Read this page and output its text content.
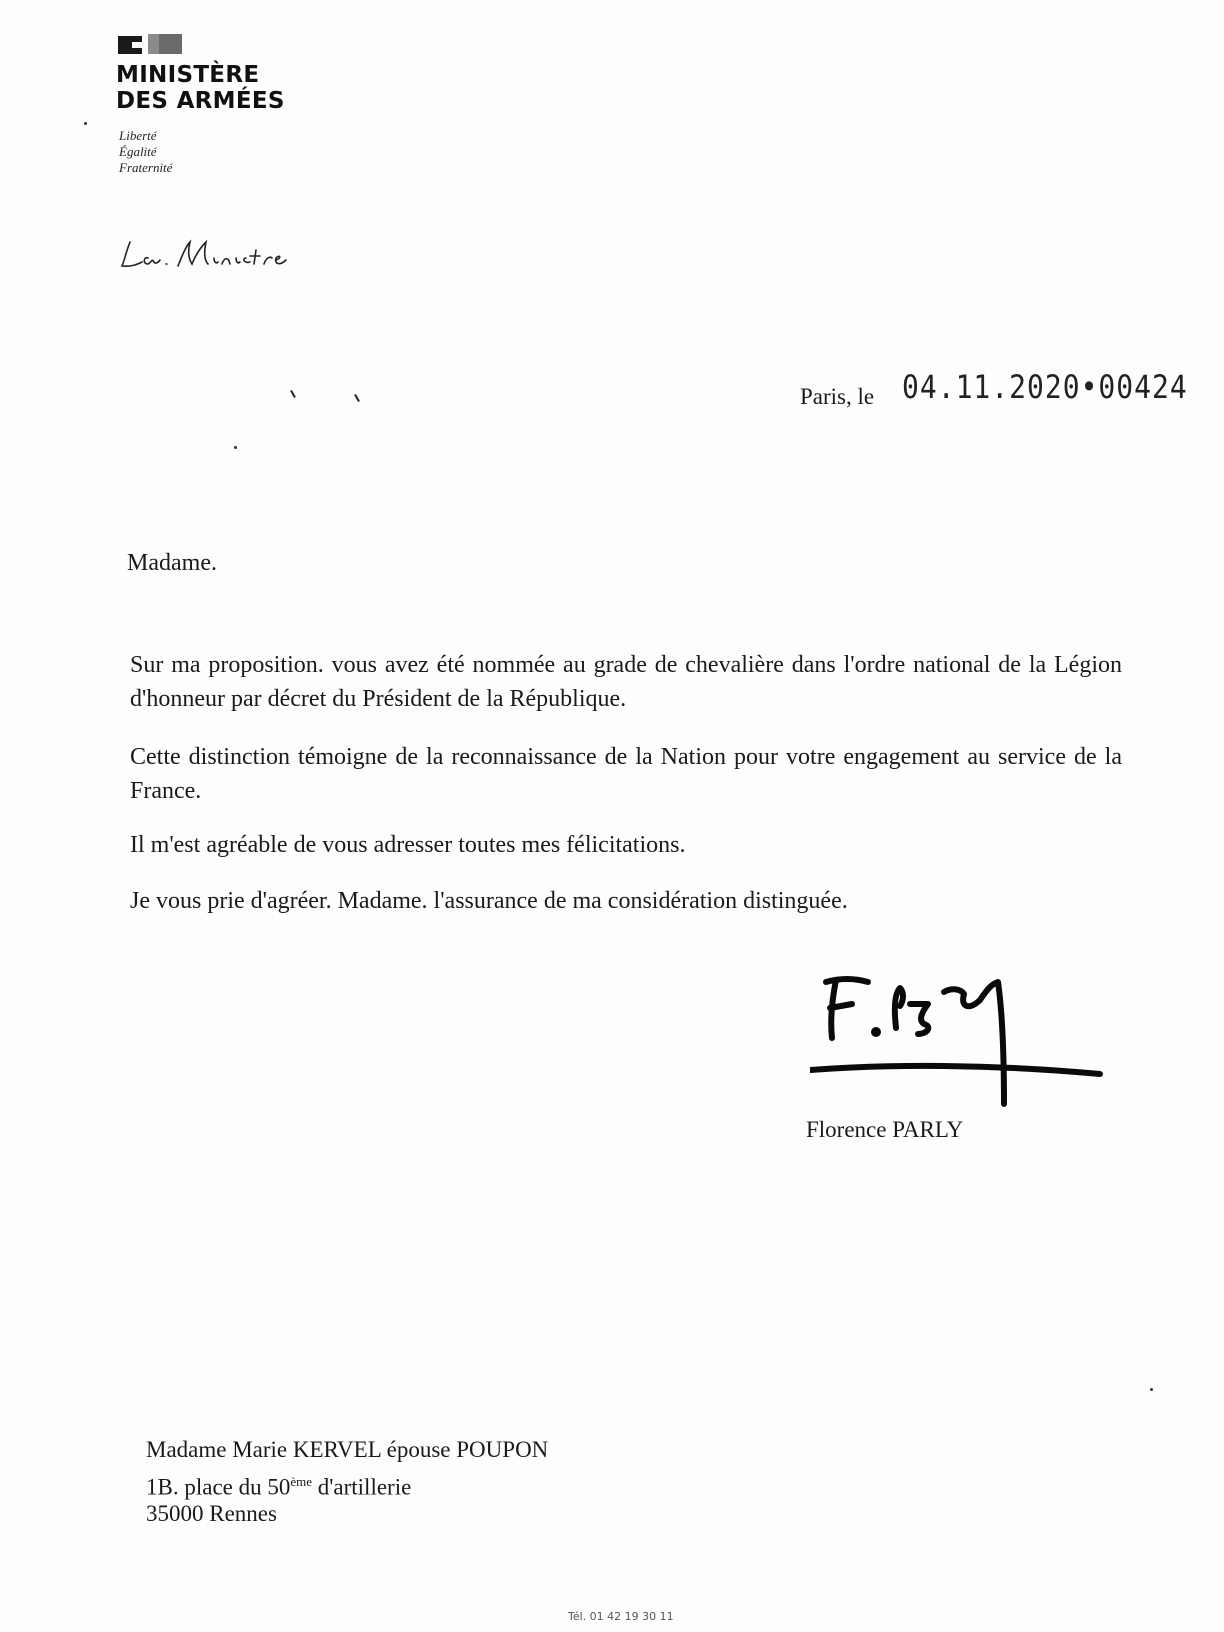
MINISTÈRE
DES ARMÉES
Liberté
Égalité
Fraternité
Paris, le 04.11.2020•00424
Madame.
Sur ma proposition. vous avez été nommée au grade de chevalière dans l'ordre national de la Légion d'honneur par décret du Président de la République.
Cette distinction témoigne de la reconnaissance de la Nation pour votre engagement au service de la France.
Il m'est agréable de vous adresser toutes mes félicitations.
Je vous prie d'agréer. Madame. l'assurance de ma considération distinguée.
Florence PARLY
Madame Marie KERVEL épouse POUPON
1B. place du 50ème d'artillerie
35000 Rennes
Tél. 01 42 19 30 11
